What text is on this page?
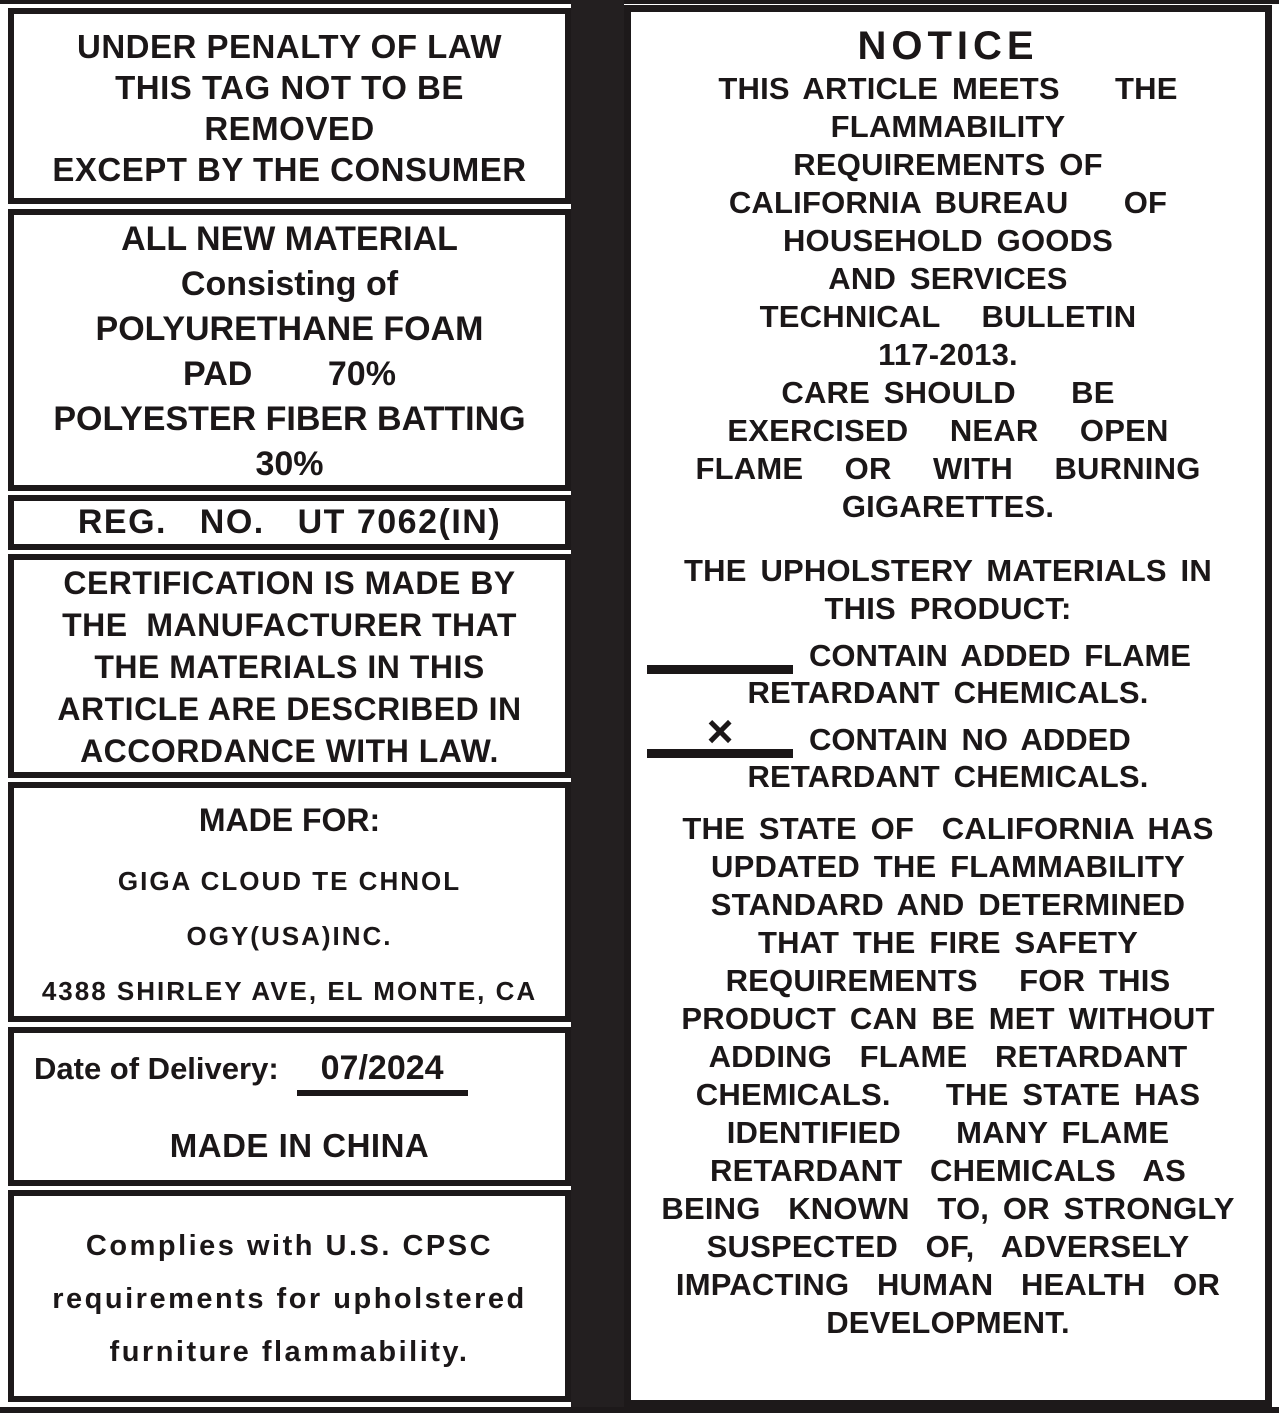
UNDER PENALTY OF LAW
THIS TAG NOT TO BE
REMOVED
EXCEPT BY THE CONSUMER
ALL NEW MATERIAL
Consisting of
POLYURETHANE FOAM
PAD        70%
POLYESTER FIBER BATTING
30%
REG.   NO.   UT 7062(IN)
CERTIFICATION IS MADE BY
THE  MANUFACTURER THAT
THE MATERIALS IN THIS
ARTICLE ARE DESCRIBED IN
ACCORDANCE WITH LAW.
MADE FOR:
GIGA CLOUD TE CHNOL OGY(USA)INC.
4388 SHIRLEY AVE, EL MONTE, CA
Date of Delivery: 07/2024
MADE IN CHINA
Complies with U.S. CPSC
requirements for upholstered
furniture flammability.
NOTICE
THIS ARTICLE MEETS    THE
FLAMMABILITY
REQUIREMENTS OF
CALIFORNIA BUREAU    OF
HOUSEHOLD GOODS
AND SERVICES
TECHNICAL   BULLETIN
117-2013.
CARE SHOULD    BE
EXERCISED   NEAR   OPEN
FLAME   OR   WITH   BURNING
GIGARETTES.
THE UPHOLSTERY MATERIALS IN
THIS PRODUCT:
CONTAIN ADDED FLAME
RETARDANT CHEMICALS.
×	CONTAIN NO ADDED
RETARDANT CHEMICALS.
THE STATE OF  CALIFORNIA HAS
UPDATED THE FLAMMABILITY
STANDARD AND DETERMINED
THAT THE FIRE SAFETY
REQUIREMENTS   FOR THIS
PRODUCT CAN BE MET WITHOUT
ADDING  FLAME  RETARDANT
CHEMICALS.    THE STATE HAS
IDENTIFIED    MANY FLAME
RETARDANT  CHEMICALS  AS
BEING  KNOWN  TO, OR STRONGLY
SUSPECTED  OF,  ADVERSELY
IMPACTING  HUMAN  HEALTH  OR
DEVELOPMENT.
